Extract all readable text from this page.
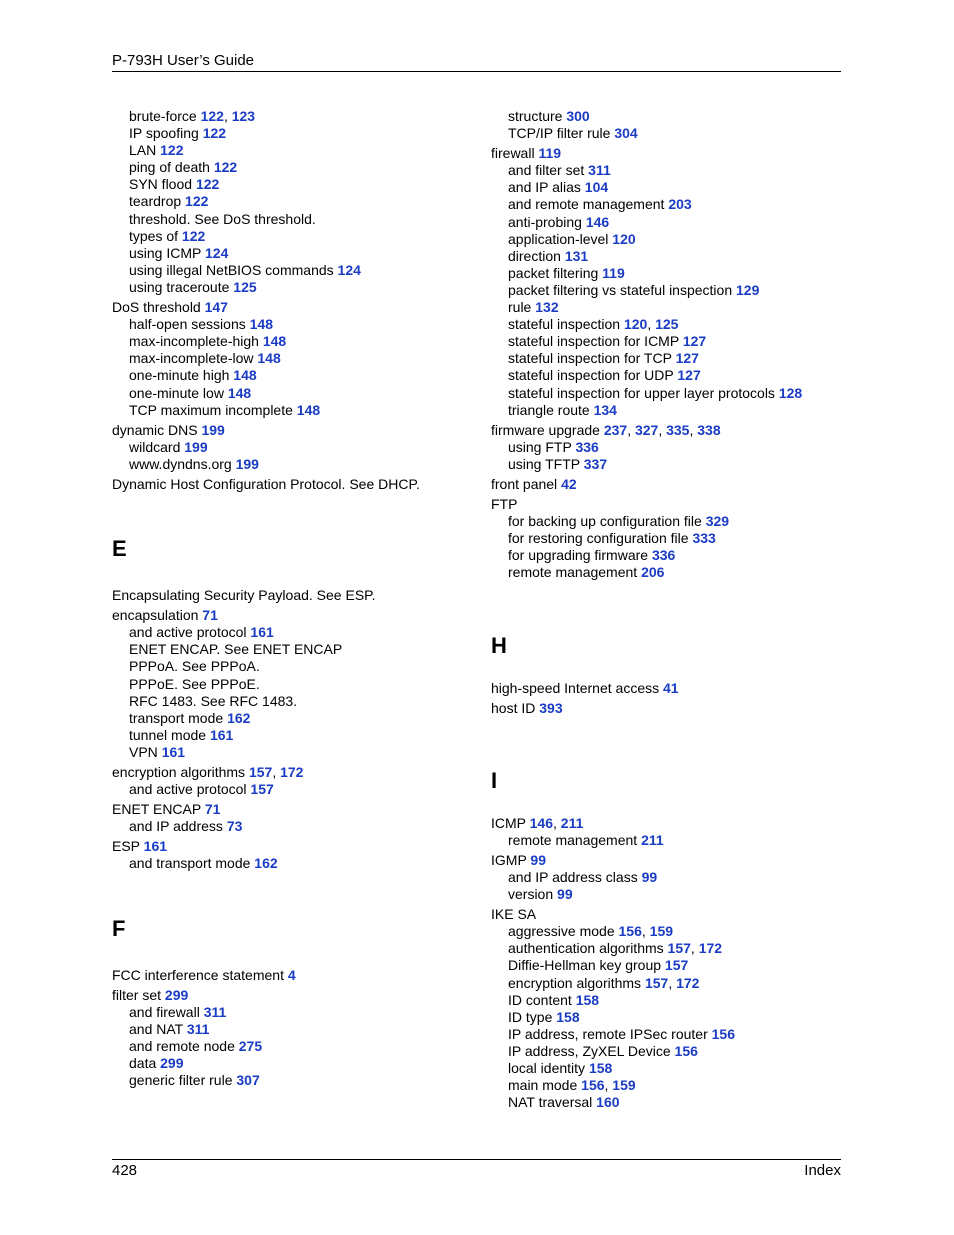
P-793H User’s Guide
brute-force 122, 123
IP spoofing 122
LAN 122
ping of death 122
SYN flood 122
teardrop 122
threshold. See DoS threshold.
types of 122
using ICMP 124
using illegal NetBIOS commands 124
using traceroute 125
DoS threshold 147
half-open sessions 148
max-incomplete-high 148
max-incomplete-low 148
one-minute high 148
one-minute low 148
TCP maximum incomplete 148
dynamic DNS 199
wildcard 199
www.dyndns.org 199
Dynamic Host Configuration Protocol. See DHCP.
E
Encapsulating Security Payload. See ESP.
encapsulation 71
and active protocol 161
ENET ENCAP. See ENET ENCAP
PPPoA. See PPPoA.
PPPoE. See PPPoE.
RFC 1483. See RFC 1483.
transport mode 162
tunnel mode 161
VPN 161
encryption algorithms 157, 172
and active protocol 157
ENET ENCAP 71
and IP address 73
ESP 161
and transport mode 162
F
FCC interference statement 4
filter set 299
and firewall 311
and NAT 311
and remote node 275
data 299
generic filter rule 307
structure 300
TCP/IP filter rule 304
firewall 119
and filter set 311
and IP alias 104
and remote management 203
anti-probing 146
application-level 120
direction 131
packet filtering 119
packet filtering vs stateful inspection 129
rule 132
stateful inspection 120, 125
stateful inspection for ICMP 127
stateful inspection for TCP 127
stateful inspection for UDP 127
stateful inspection for upper layer protocols 128
triangle route 134
firmware upgrade 237, 327, 335, 338
using FTP 336
using TFTP 337
front panel 42
FTP
for backing up configuration file 329
for restoring configuration file 333
for upgrading firmware 336
remote management 206
H
high-speed Internet access 41
host ID 393
I
ICMP 146, 211
remote management 211
IGMP 99
and IP address class 99
version 99
IKE SA
aggressive mode 156, 159
authentication algorithms 157, 172
Diffie-Hellman key group 157
encryption algorithms 157, 172
ID content 158
ID type 158
IP address, remote IPSec router 156
IP address, ZyXEL Device 156
local identity 158
main mode 156, 159
NAT traversal 160
428	Index
